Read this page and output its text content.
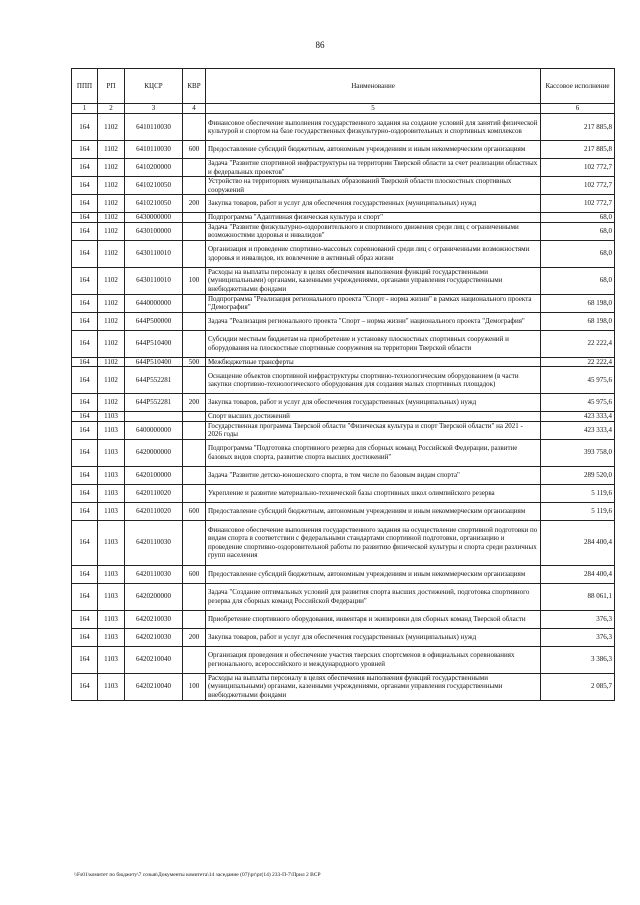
86
ППП	РП	КЦСР	КВР	Наименование	Кассовое исполнение
1	2	3	4	5	6
164	1102	6410110030		Финансовое обеспечение выполнения государственного задания на создание условий для занятий физической культурой и спортом на базе государственных физкультурно-оздоровительных и спортивных комплексов	217 885,8
164	1102	6410110030	600	Предоставление субсидий бюджетным, автономным учреждениям и иным некоммерческим организациям	217 885,8
164	1102	6410200000		Задача "Развитие спортивной инфраструктуры на территории Тверской области за счет реализации областных и федеральных проектов"	102 772,7
164	1102	6410210050		Устройство на территориях муниципальных образований Тверской области плоскостных спортивных сооружений	102 772,7
164	1102	6410210050	200	Закупка товаров, работ и услуг для обеспечения государственных (муниципальных) нужд	102 772,7
164	1102	6430000000		Подпрограмма "Адаптивная физическая культура и спорт"	68,0
164	1102	6430100000		Задача "Развитие физкультурно-оздоровительного и спортивного движения среди лиц с ограниченными возможностями здоровья и инвалидов"	68,0
164	1102	6430110010		Организация и проведение спортивно-массовых соревнований среди лиц с ограниченными возможностями здоровья и инвалидов, их вовлечение в активный образ жизни	68,0
164	1102	6430110010	100	Расходы на выплаты персоналу в целях обеспечения выполнения функций государственными (муниципальными) органами, казенными учреждениями, органами управления государственными внебюджетными фондами	68,0
164	1102	6440000000		Подпрограмма "Реализация регионального проекта "Спорт - норма жизни" в рамках национального проекта "Демография"	68 198,0
164	1102	644P500000		Задача "Реализация регионального проекта "Спорт – норма жизни" национального проекта "Демография"	68 198,0
164	1102	644P510400		Субсидии местным бюджетам на приобретение и установку плоскостных спортивных сооружений и оборудования на плоскостные спортивные сооружения на территории Тверской области	22 222,4
164	1102	644P510400	500	Межбюджетные трансферты	22 222,4
164	1102	644P552281		Оснащение объектов спортивной инфраструктуры спортивно-технологическим оборудованием (в части закупки спортивно-технологического оборудования для создания малых спортивных площадок)	45 975,6
164	1102	644P552281	200	Закупка товаров, работ и услуг для обеспечения государственных (муниципальных) нужд	45 975,6
164	1103			Спорт высших достижений	423 333,4
164	1103	6400000000		Государственная программа Тверской области "Физическая культура и спорт Тверской области" на 2021 - 2026 годы	423 333,4
164	1103	6420000000		Подпрограмма "Подготовка спортивного резерва для сборных команд Российской Федерации, развитие базовых видов спорта, развитие спорта высших достижений"	393 758,0
164	1103	6420100000		Задача "Развитие детско-юношеского спорта, в том числе по базовым видам спорта"	289 520,0
164	1103	6420110020		Укрепление и развитие материально-технической базы спортивных школ олимпийского резерва	5 119,6
164	1103	6420110020	600	Предоставление субсидий бюджетным, автономным учреждениям и иным некоммерческим организациям	5 119,6
164	1103	6420110030		Финансовое обеспечение выполнения государственного задания на осуществление спортивной подготовки по видам спорта в соответствии с федеральными стандартами спортивной подготовки, организацию и проведение спортивно-оздоровительной работы по развитию физической культуры и спорта среди различных групп населения	284 400,4
164	1103	6420110030	600	Предоставление субсидий бюджетным, автономным учреждениям и иным некоммерческим организациям	284 400,4
164	1103	6420200000		Задача "Создание оптимальных условий для развития спорта высших достижений, подготовка спортивного резерва для сборных команд Российской Федерации"	88 061,1
164	1103	6420210030		Приобретение спортивного оборудования, инвентаря и экипировки для сборных команд Тверской области	376,3
164	1103	6420210030	200	Закупка товаров, работ и услуг для обеспечения государственных (муниципальных) нужд	376,3
164	1103	6420210040		Организация проведения и обеспечение участия тверских спортсменов в официальных соревнованиях регионального, всероссийского и международного уровней	3 386,3
164	1103	6420210040	100	Расходы на выплаты персоналу в целях обеспечения выполнения функций государственными (муниципальными) органами, казенными учреждениями, органами управления государственными внебюджетными фондами	2 085,7
\\Fs01\комитет по бюджету\7 созыв\Документы комитета\14 заседание (07)\pr\pr(14) 233-П-7\Прил 2 ВСР
